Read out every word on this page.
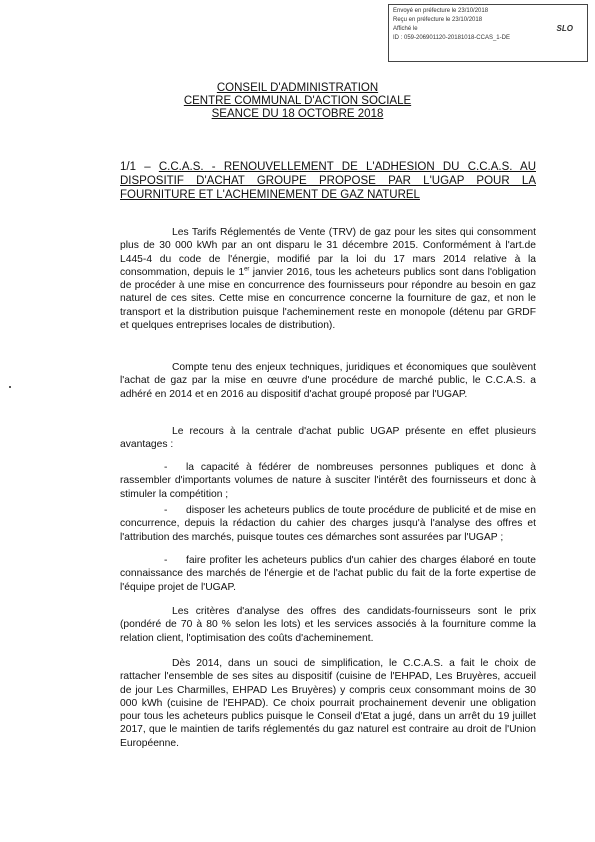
Envoyé en préfecture le 23/10/2018
Reçu en préfecture le 23/10/2018
Affiché le	SLO
ID : 059-206901120-20181018-CCAS_1-DE
CONSEIL D'ADMINISTRATION
CENTRE COMMUNAL D'ACTION SOCIALE
SEANCE DU 18 OCTOBRE 2018
1/1 – C.C.A.S. - RENOUVELLEMENT DE L'ADHESION DU C.C.A.S. AU DISPOSITIF D'ACHAT GROUPE PROPOSE PAR L'UGAP POUR LA FOURNITURE ET L'ACHEMINEMENT DE GAZ NATUREL
Les Tarifs Réglementés de Vente (TRV) de gaz pour les sites qui consomment plus de 30 000 kWh par an ont disparu le 31 décembre 2015. Conformément à l'art.de L445-4 du code de l'énergie, modifié par la loi du 17 mars 2014 relative à la consommation, depuis le 1er janvier 2016, tous les acheteurs publics sont dans l'obligation de procéder à une mise en concurrence des fournisseurs pour répondre au besoin en gaz naturel de ces sites. Cette mise en concurrence concerne la fourniture de gaz, et non le transport et la distribution puisque l'acheminement reste en monopole (détenu par GRDF et quelques entreprises locales de distribution).
Compte tenu des enjeux techniques, juridiques et économiques que soulèvent l'achat de gaz par la mise en œuvre d'une procédure de marché public, le C.C.A.S. a adhéré en 2014 et en 2016 au dispositif d'achat groupé proposé par l'UGAP.
Le recours à la centrale d'achat public UGAP présente en effet plusieurs avantages :
- la capacité à fédérer de nombreuses personnes publiques et donc à rassembler d'importants volumes de nature à susciter l'intérêt des fournisseurs et donc à stimuler la compétition ;
- disposer les acheteurs publics de toute procédure de publicité et de mise en concurrence, depuis la rédaction du cahier des charges jusqu'à l'analyse des offres et l'attribution des marchés, puisque toutes ces démarches sont assurées par l'UGAP ;
- faire profiter les acheteurs publics d'un cahier des charges élaboré en toute connaissance des marchés de l'énergie et de l'achat public du fait de la forte expertise de l'équipe projet de l'UGAP.
Les critères d'analyse des offres des candidats-fournisseurs sont le prix (pondéré de 70 à 80 % selon les lots) et les services associés à la fourniture comme la relation client, l'optimisation des coûts d'acheminement.
Dès 2014, dans un souci de simplification, le C.C.A.S. a fait le choix de rattacher l'ensemble de ses sites au dispositif (cuisine de l'EHPAD, Les Bruyères, accueil de jour Les Charmilles, EHPAD Les Bruyères) y compris ceux consommant moins de 30 000 kWh (cuisine de l'EHPAD). Ce choix pourrait prochainement devenir une obligation pour tous les acheteurs publics puisque le Conseil d'Etat a jugé, dans un arrêt du 19 juillet 2017, que le maintien de tarifs réglementés du gaz naturel est contraire au droit de l'Union Européenne.
